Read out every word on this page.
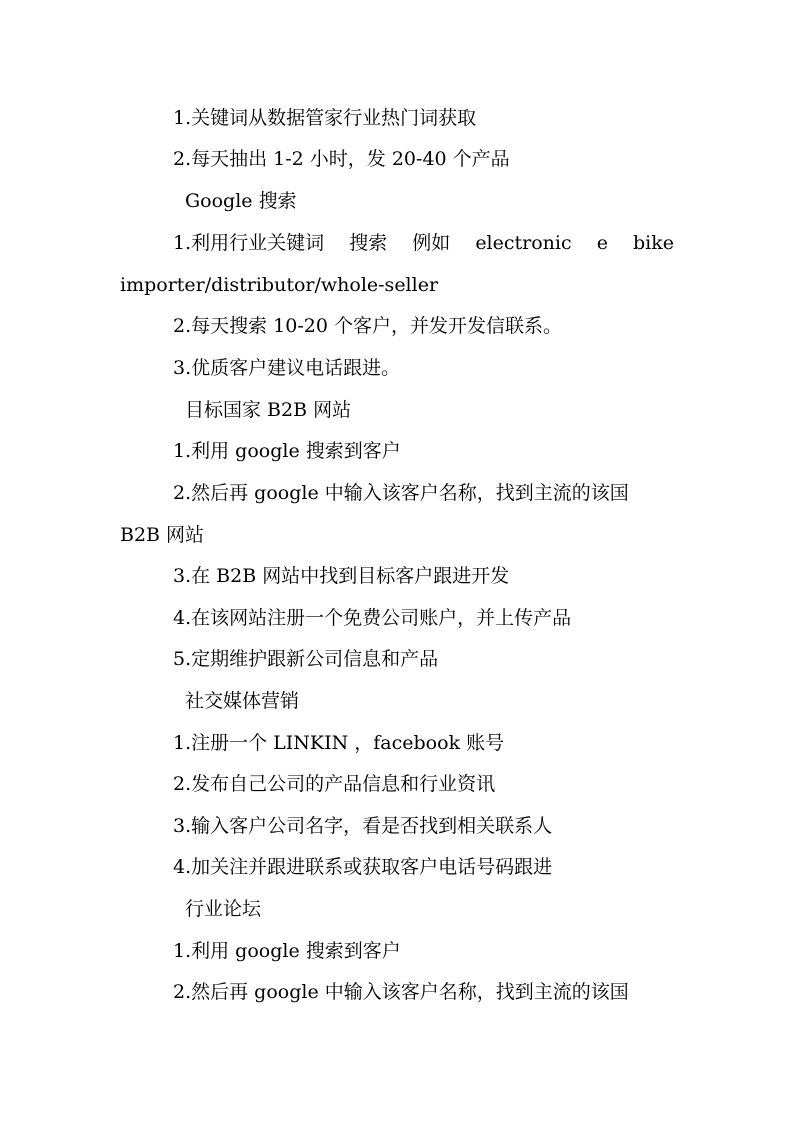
1.关键词从数据管家行业热门词获取
2.每天抽出 1-2 小时，发 20-40 个产品
Google 搜索
1.利用行业关键词 搜索 例如 electronic e bike
importer/distributor/whole-seller
2.每天搜索 10-20 个客户，并发开发信联系。
3.优质客户建议电话跟进。
目标国家 B2B 网站
1.利用 google 搜索到客户
2.然后再 google 中输入该客户名称，找到主流的该国
B2B 网站
3.在 B2B 网站中找到目标客户跟进开发
4.在该网站注册一个免费公司账户，并上传产品
5.定期维护跟新公司信息和产品
社交媒体营销
1.注册一个 LINKIN ，facebook 账号
2.发布自己公司的产品信息和行业资讯
3.输入客户公司名字，看是否找到相关联系人
4.加关注并跟进联系或获取客户电话号码跟进
行业论坛
1.利用 google 搜索到客户
2.然后再 google 中输入该客户名称，找到主流的该国
